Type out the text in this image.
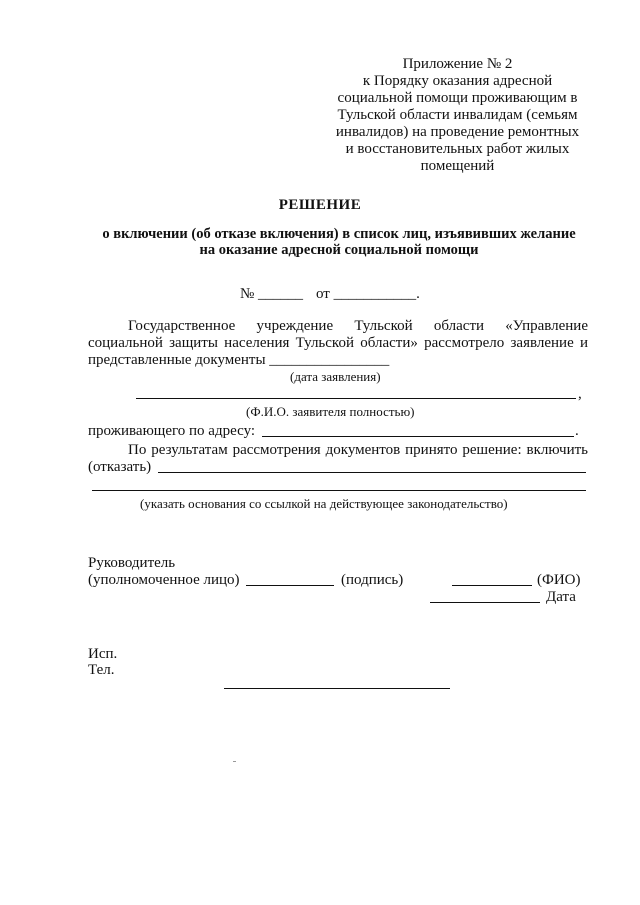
Приложение № 2
к Порядку оказания адресной
социальной помощи проживающим в
Тульской области инвалидам (семьям
инвалидов) на проведение ремонтных
и восстановительных работ жилых
помещений
РЕШЕНИЕ
о включении (об отказе включения) в список лиц, изъявивших желание
на оказание адресной социальной помощи
№ ______ от ___________.
Государственное учреждение Тульской области «Управление
социальной защиты населения Тульской области» рассмотрело заявление и
представленные документы ________________
(дата заявления)
,
(Ф.И.О. заявителя полностью)
проживающего по адресу:	.
По результатам рассмотрения документов принято решение: включить
(отказать)
(указать основания со ссылкой на действующее законодательство)
Руководитель
(уполномоченное лицо)	(подпись)	(ФИО)
Дата
Исп.
Тел.
